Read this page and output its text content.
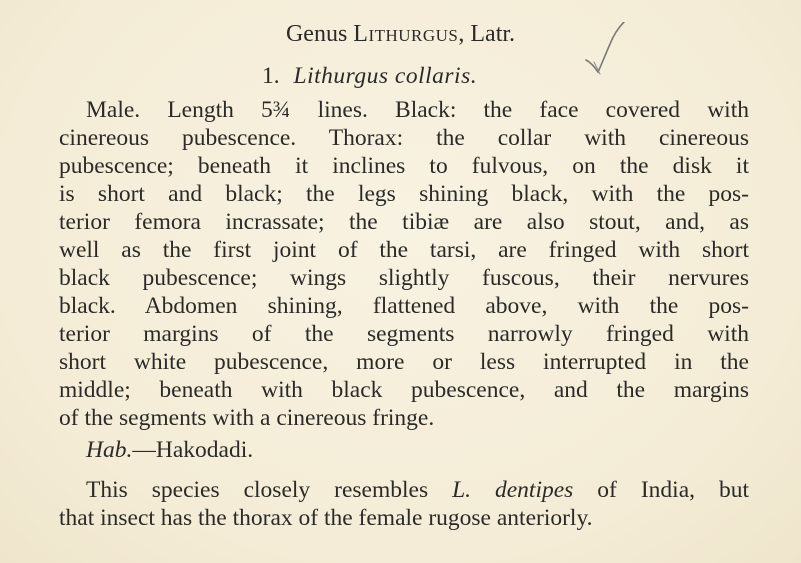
Genus Lithurgus, Latr.
1. Lithurgus collaris.
Male. Length 5¾ lines. Black: the face covered with
cinereous pubescence. Thorax: the collar with cinereous
pubescence; beneath it inclines to fulvous, on the disk it
is short and black; the legs shining black, with the pos-
terior femora incrassate; the tibiæ are also stout, and, as
well as the first joint of the tarsi, are fringed with short
black pubescence; wings slightly fuscous, their nervures
black. Abdomen shining, flattened above, with the pos-
terior margins of the segments narrowly fringed with
short white pubescence, more or less interrupted in the
middle; beneath with black pubescence, and the margins
of the segments with a cinereous fringe.
Hab.—Hakodadi.
This species closely resembles L. dentipes of India, but
that insect has the thorax of the female rugose anteriorly.
